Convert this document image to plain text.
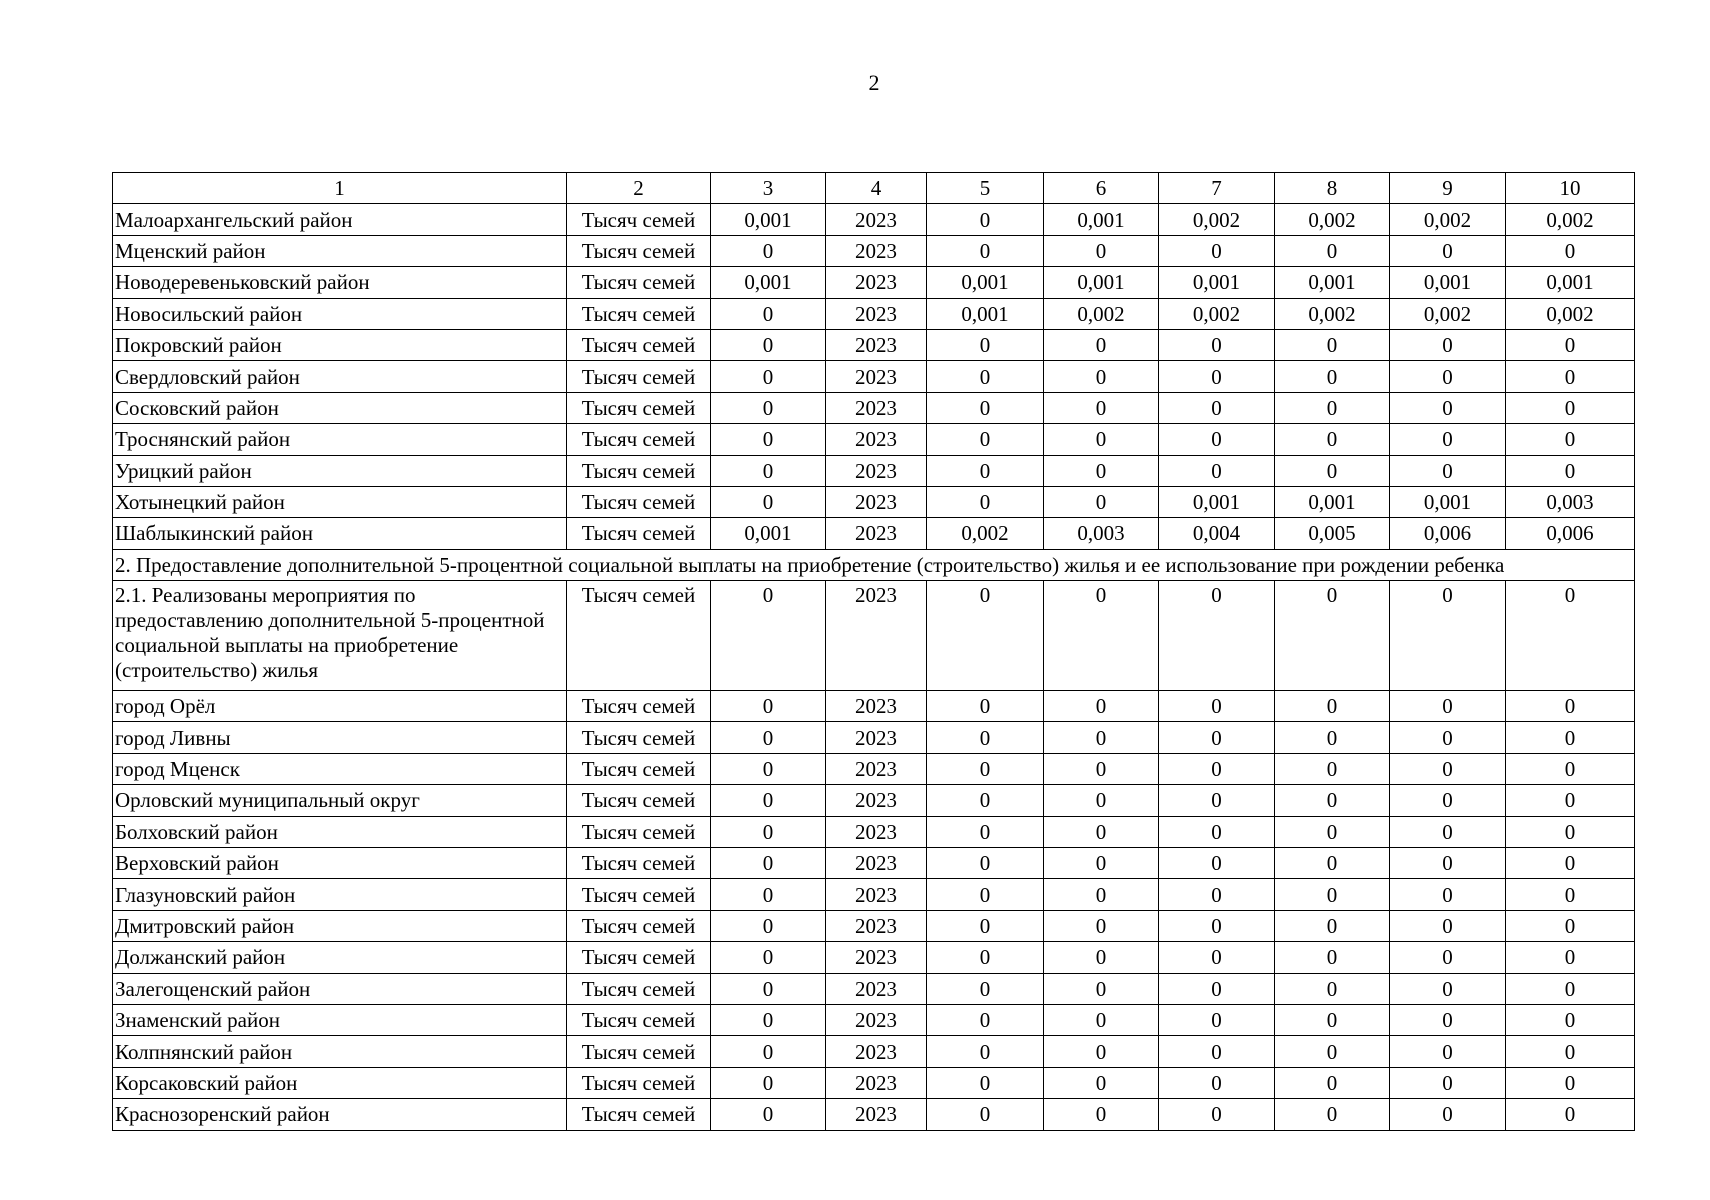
2
1	2	3	4	5	6	7	8	9	10
Малоархангельский район	Тысяч семей	0,001	2023	0	0,001	0,002	0,002	0,002	0,002
Мценский район	Тысяч семей	0	2023	0	0	0	0	0	0
Новодеревеньковский район	Тысяч семей	0,001	2023	0,001	0,001	0,001	0,001	0,001	0,001
Новосильский район	Тысяч семей	0	2023	0,001	0,002	0,002	0,002	0,002	0,002
Покровский район	Тысяч семей	0	2023	0	0	0	0	0	0
Свердловский район	Тысяч семей	0	2023	0	0	0	0	0	0
Сосковский район	Тысяч семей	0	2023	0	0	0	0	0	0
Троснянский район	Тысяч семей	0	2023	0	0	0	0	0	0
Урицкий район	Тысяч семей	0	2023	0	0	0	0	0	0
Хотынецкий район	Тысяч семей	0	2023	0	0	0,001	0,001	0,001	0,003
Шаблыкинский район	Тысяч семей	0,001	2023	0,002	0,003	0,004	0,005	0,006	0,006
2. Предоставление дополнительной 5-процентной социальной выплаты на приобретение (строительство) жилья и ее использование при рождении ребенка									
2.1. Реализованы мероприятия по предоставлению дополнительной 5-процентной социальной выплаты на приобретение (строительство) жилья	Тысяч семей	0	2023	0	0	0	0	0	0
город Орёл	Тысяч семей	0	2023	0	0	0	0	0	0
город Ливны	Тысяч семей	0	2023	0	0	0	0	0	0
город Мценск	Тысяч семей	0	2023	0	0	0	0	0	0
Орловский муниципальный округ	Тысяч семей	0	2023	0	0	0	0	0	0
Болховский район	Тысяч семей	0	2023	0	0	0	0	0	0
Верховский район	Тысяч семей	0	2023	0	0	0	0	0	0
Глазуновский район	Тысяч семей	0	2023	0	0	0	0	0	0
Дмитровский район	Тысяч семей	0	2023	0	0	0	0	0	0
Должанский район	Тысяч семей	0	2023	0	0	0	0	0	0
Залегощенский район	Тысяч семей	0	2023	0	0	0	0	0	0
Знаменский район	Тысяч семей	0	2023	0	0	0	0	0	0
Колпнянский район	Тысяч семей	0	2023	0	0	0	0	0	0
Корсаковский район	Тысяч семей	0	2023	0	0	0	0	0	0
Краснозоренский район	Тысяч семей	0	2023	0	0	0	0	0	0
